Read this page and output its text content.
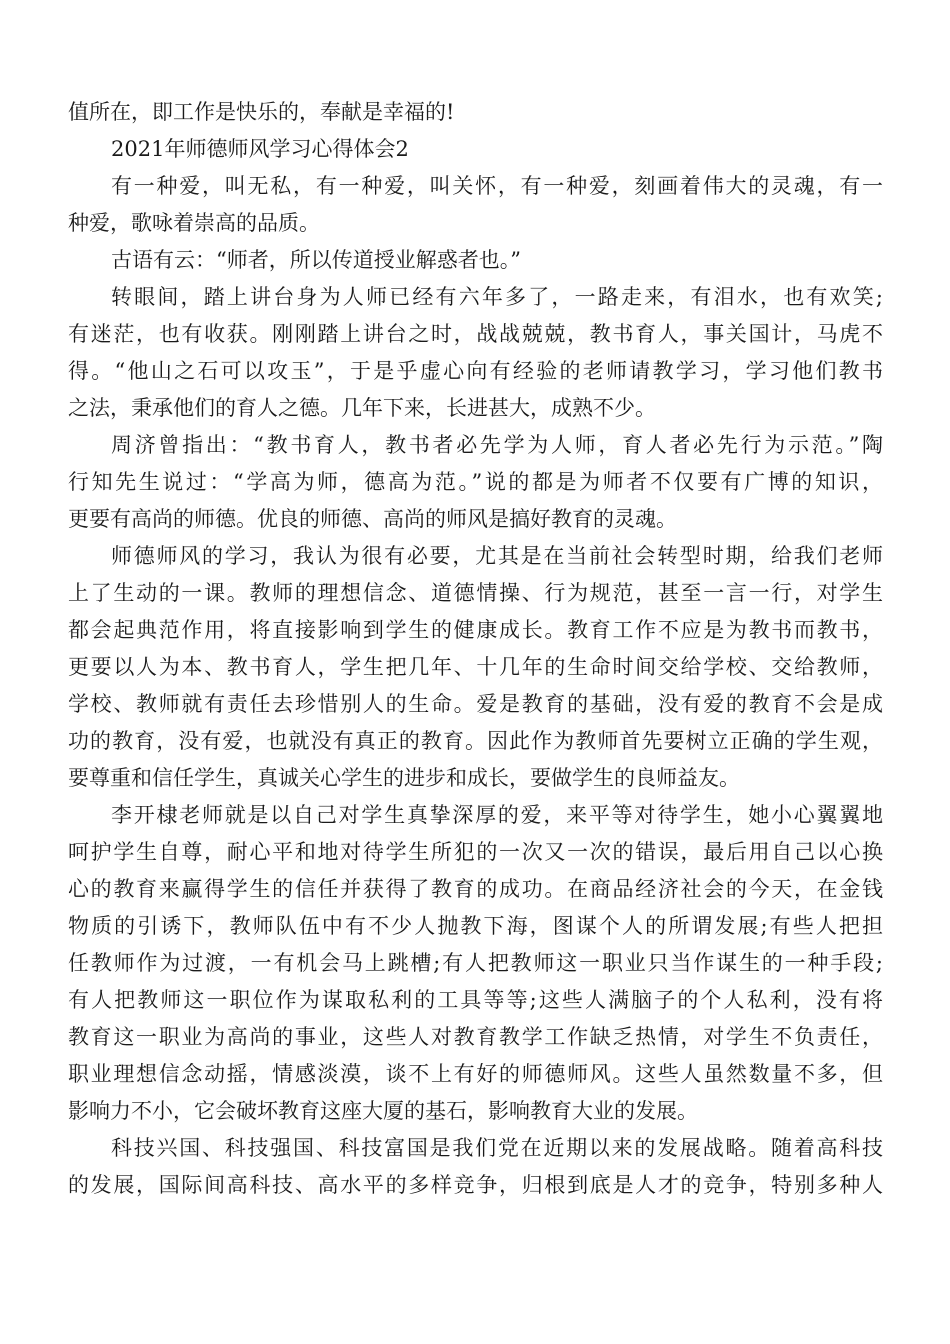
值所在，即工作是快乐的，奉献是幸福的!
2021年师德师风学习心得体会2
有一种爱，叫无私，有一种爱，叫关怀，有一种爱，刻画着伟大的灵魂，有一
种爱，歌咏着崇高的品质。
古语有云：“师者，所以传道授业解惑者也。”
转眼间，踏上讲台身为人师已经有六年多了，一路走来，有泪水，也有欢笑;
有迷茫，也有收获。刚刚踏上讲台之时，战战兢兢，教书育人，事关国计，马虎不
得。“他山之石可以攻玉”，于是乎虚心向有经验的老师请教学习，学习他们教书
之法，秉承他们的育人之德。几年下来，长进甚大，成熟不少。
周济曾指出：“教书育人，教书者必先学为人师，育人者必先行为示范。”陶
行知先生说过：“学高为师，德高为范。”说的都是为师者不仅要有广博的知识，
更要有高尚的师德。优良的师德、高尚的师风是搞好教育的灵魂。
师德师风的学习，我认为很有必要，尤其是在当前社会转型时期，给我们老师
上了生动的一课。教师的理想信念、道德情操、行为规范，甚至一言一行，对学生
都会起典范作用，将直接影响到学生的健康成长。教育工作不应是为教书而教书，
更要以人为本、教书育人，学生把几年、十几年的生命时间交给学校、交给教师，
学校、教师就有责任去珍惜别人的生命。爱是教育的基础，没有爱的教育不会是成
功的教育，没有爱，也就没有真正的教育。因此作为教师首先要树立正确的学生观，
要尊重和信任学生，真诚关心学生的进步和成长，要做学生的良师益友。
李开棣老师就是以自己对学生真挚深厚的爱，来平等对待学生，她小心翼翼地
呵护学生自尊，耐心平和地对待学生所犯的一次又一次的错误，最后用自己以心换
心的教育来赢得学生的信任并获得了教育的成功。在商品经济社会的今天，在金钱
物质的引诱下，教师队伍中有不少人抛教下海，图谋个人的所谓发展;有些人把担
任教师作为过渡，一有机会马上跳槽;有人把教师这一职业只当作谋生的一种手段;
有人把教师这一职位作为谋取私利的工具等等;这些人满脑子的个人私利，没有将
教育这一职业为高尚的事业，这些人对教育教学工作缺乏热情，对学生不负责任，
职业理想信念动摇，情感淡漠，谈不上有好的师德师风。这些人虽然数量不多，但
影响力不小，它会破坏教育这座大厦的基石，影响教育大业的发展。
科技兴国、科技强国、科技富国是我们党在近期以来的发展战略。随着高科技
的发展，国际间高科技、高水平的多样竞争，归根到底是人才的竞争，特别多种人
